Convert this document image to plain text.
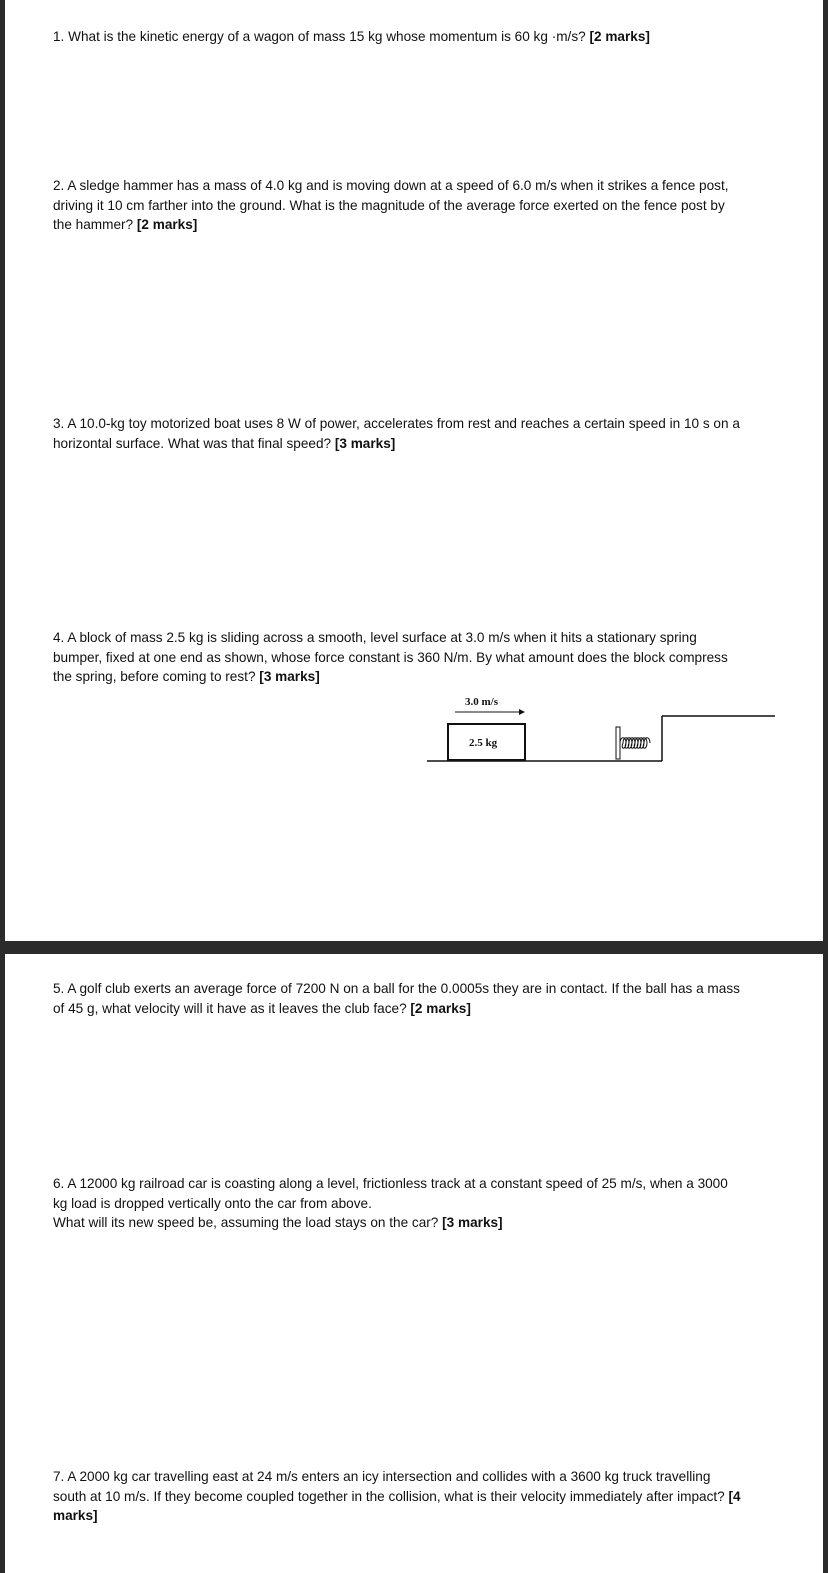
1. What is the kinetic energy of a wagon of mass 15 kg whose momentum is 60 kg ·m/s? [2 marks]
2. A sledge hammer has a mass of 4.0 kg and is moving down at a speed of 6.0 m/s when it strikes a fence post, driving it 10 cm farther into the ground. What is the magnitude of the average force exerted on the fence post by the hammer? [2 marks]
3. A 10.0-kg toy motorized boat uses 8 W of power, accelerates from rest and reaches a certain speed in 10 s on a horizontal surface. What was that final speed? [3 marks]
4. A block of mass 2.5 kg is sliding across a smooth, level surface at 3.0 m/s when it hits a stationary spring bumper, fixed at one end as shown, whose force constant is 360 N/m. By what amount does the block compress the spring, before coming to rest? [3 marks]
3.0 m/s
2.5 kg
5. A golf club exerts an average force of 7200 N on a ball for the 0.0005s they are in contact. If the ball has a mass of 45 g, what velocity will it have as it leaves the club face? [2 marks]
6. A 12000 kg railroad car is coasting along a level, frictionless track at a constant speed of 25 m/s, when a 3000 kg load is dropped vertically onto the car from above.
What will its new speed be, assuming the load stays on the car? [3 marks]
7. A 2000 kg car travelling east at 24 m/s enters an icy intersection and collides with a 3600 kg truck travelling south at 10 m/s. If they become coupled together in the collision, what is their velocity immediately after impact? [4 marks]
